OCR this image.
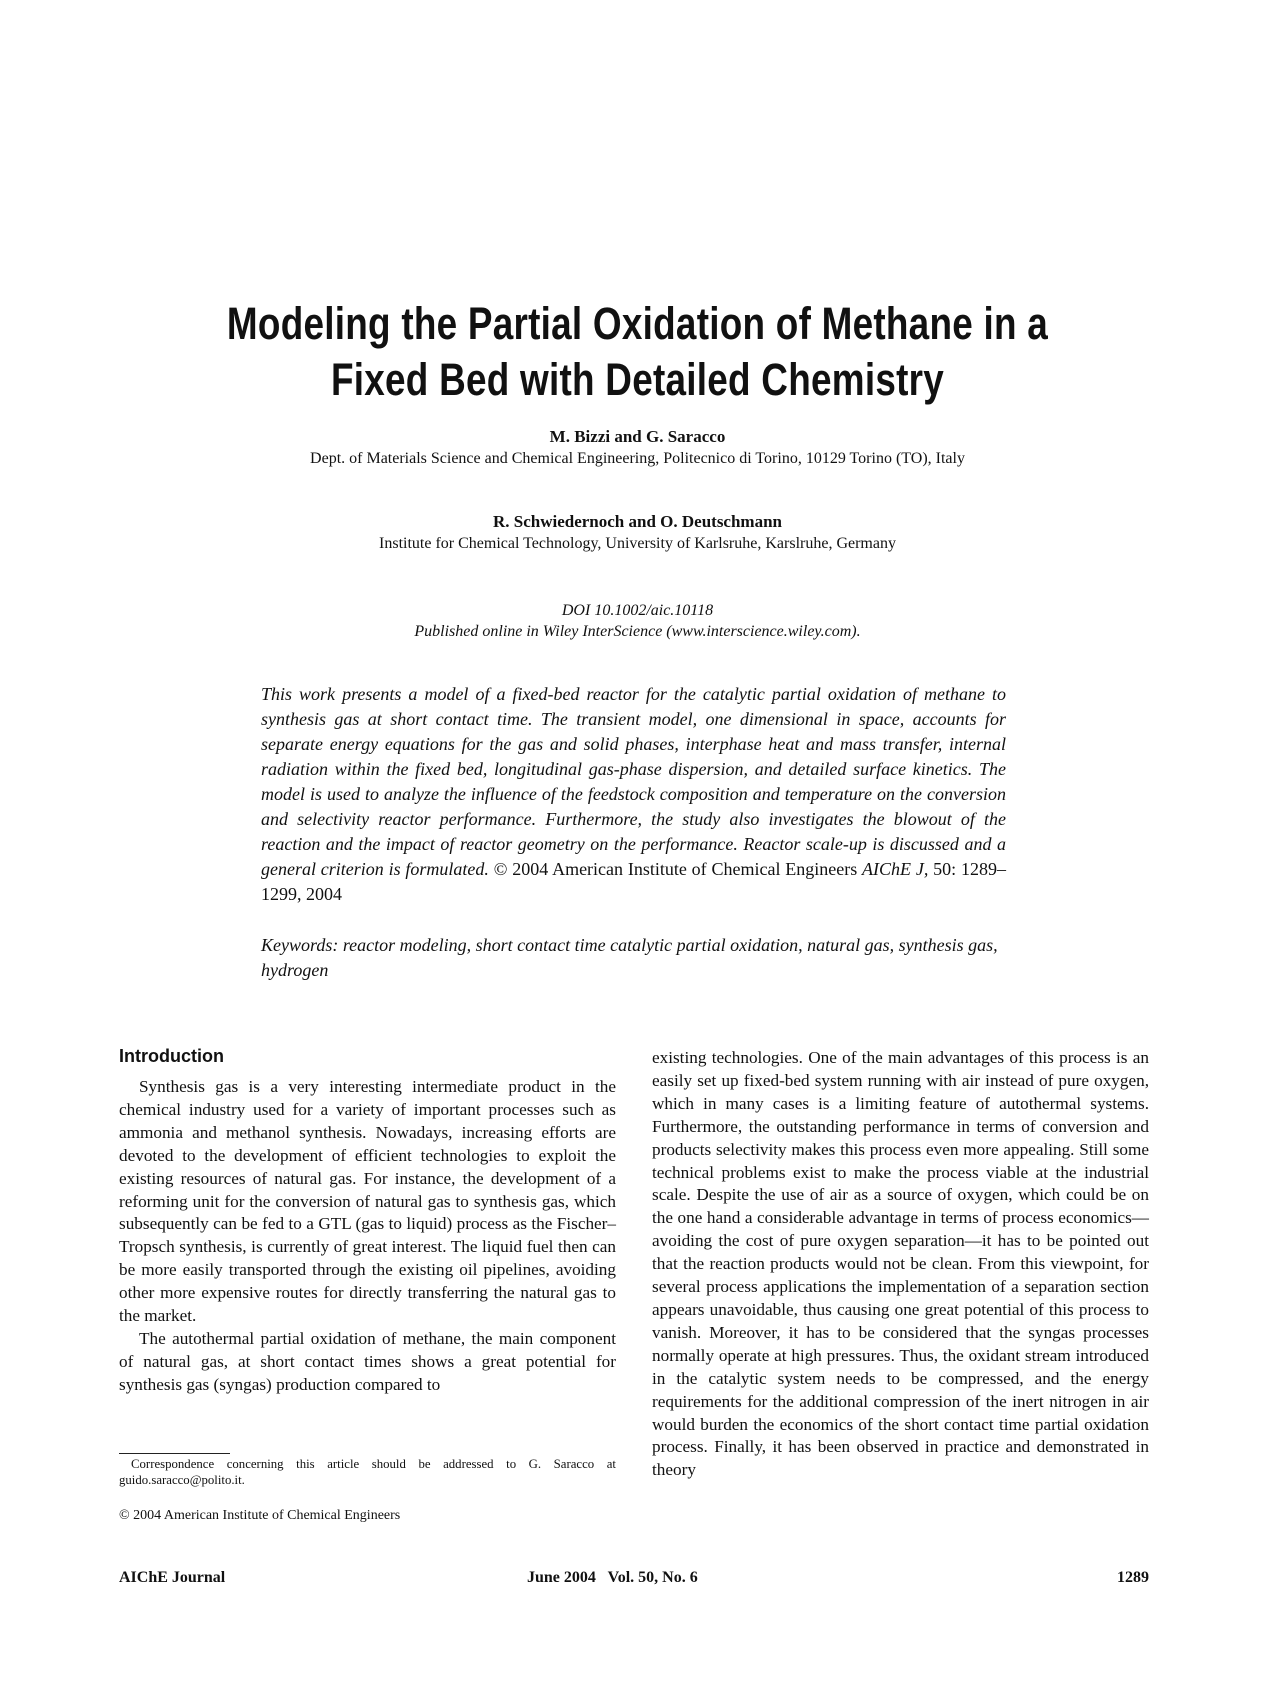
Modeling the Partial Oxidation of Methane in a
Fixed Bed with Detailed Chemistry
M. Bizzi and G. Saracco
Dept. of Materials Science and Chemical Engineering, Politecnico di Torino, 10129 Torino (TO), Italy
R. Schwiedernoch and O. Deutschmann
Institute for Chemical Technology, University of Karlsruhe, Karslruhe, Germany
DOI 10.1002/aic.10118
Published online in Wiley InterScience (www.interscience.wiley.com).
This work presents a model of a fixed-bed reactor for the catalytic partial oxidation of methane to synthesis gas at short contact time. The transient model, one dimensional in space, accounts for separate energy equations for the gas and solid phases, interphase heat and mass transfer, internal radiation within the fixed bed, longitudinal gas-phase dispersion, and detailed surface kinetics. The model is used to analyze the influence of the feedstock composition and temperature on the conversion and selectivity reactor performance. Furthermore, the study also investigates the blowout of the reaction and the impact of reactor geometry on the performance. Reactor scale-up is discussed and a general criterion is formulated. © 2004 American Institute of Chemical Engineers AIChE J, 50: 1289–1299, 2004
Keywords: reactor modeling, short contact time catalytic partial oxidation, natural gas, synthesis gas, hydrogen
Introduction

Synthesis gas is a very interesting intermediate product in the chemical industry used for a variety of important processes such as ammonia and methanol synthesis. Nowadays, increasing efforts are devoted to the development of efficient technologies to exploit the existing resources of natural gas. For instance, the development of a reforming unit for the conversion of natural gas to synthesis gas, which subsequently can be fed to a GTL (gas to liquid) process as the Fischer–Tropsch synthesis, is currently of great interest. The liquid fuel then can be more easily transported through the existing oil pipelines, avoiding other more expensive routes for directly transferring the natural gas to the market.

The autothermal partial oxidation of methane, the main component of natural gas, at short contact times shows a great potential for synthesis gas (syngas) production compared to

existing technologies. One of the main advantages of this process is an easily set up fixed-bed system running with air instead of pure oxygen, which in many cases is a limiting feature of autothermal systems. Furthermore, the outstanding performance in terms of conversion and products selectivity makes this process even more appealing. Still some technical problems exist to make the process viable at the industrial scale. Despite the use of air as a source of oxygen, which could be on the one hand a considerable advantage in terms of process economics—avoiding the cost of pure oxygen separation—it has to be pointed out that the reaction products would not be clean. From this viewpoint, for several process applications the implementation of a separation section appears unavoidable, thus causing one great potential of this process to vanish. Moreover, it has to be considered that the syngas processes normally operate at high pressures. Thus, the oxidant stream introduced in the catalytic system needs to be compressed, and the energy requirements for the additional compression of the inert nitrogen in air would burden the economics of the short contact time partial oxidation process. Finally, it has been observed in practice and demonstrated in theory

Correspondence concerning this article should be addressed to G. Saracco at guido.saracco@polito.it.

© 2004 American Institute of Chemical Engineers
AIChE Journal	June 2004   Vol. 50, No. 6	1289
